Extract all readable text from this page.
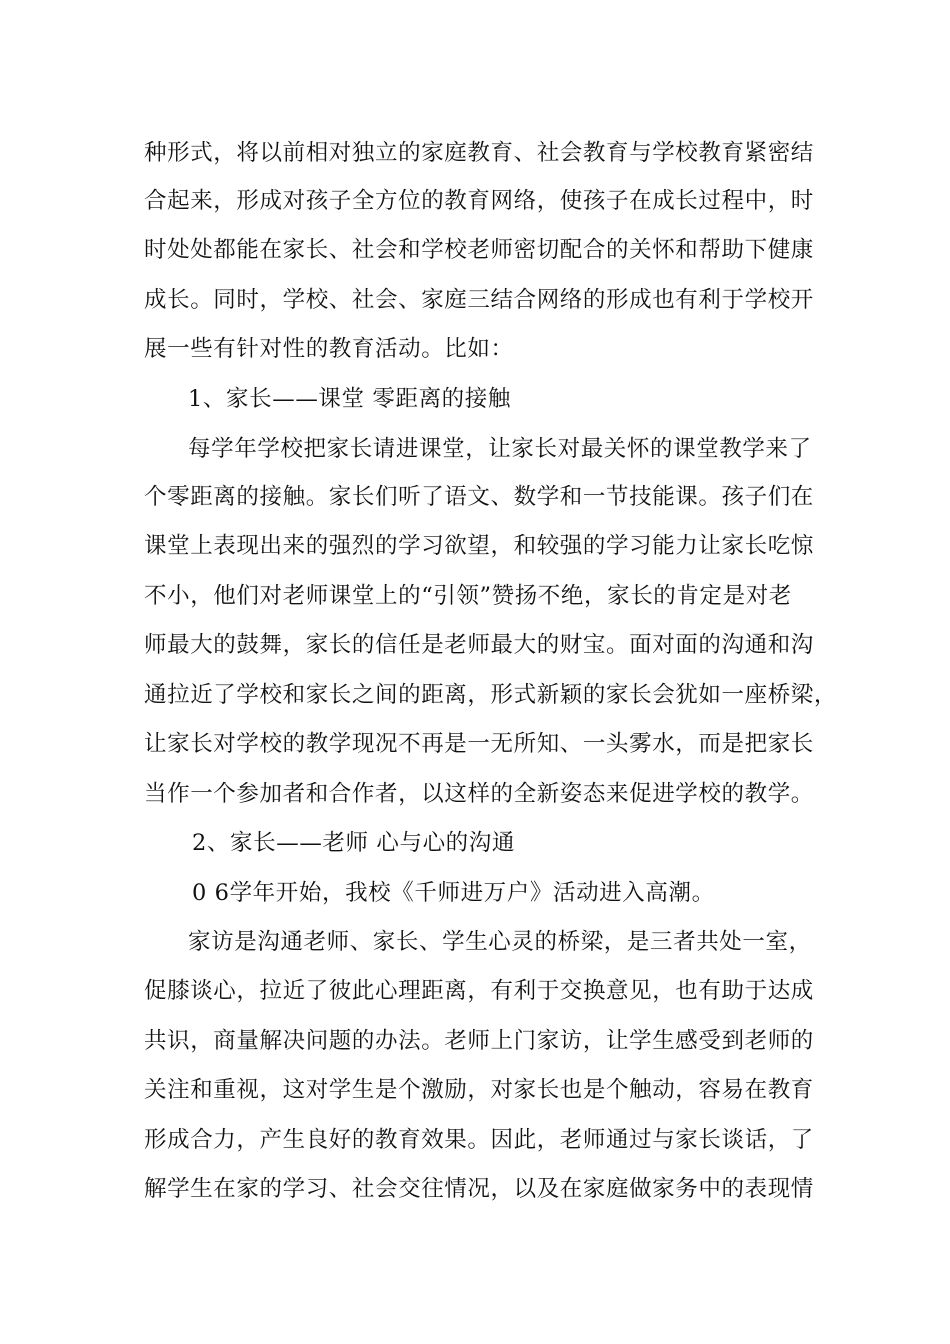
种形式，将以前相对独立的家庭教育、社会教育与学校教育紧密结
合起来，形成对孩子全方位的教育网络，使孩子在成长过程中，时
时处处都能在家长、社会和学校老师密切配合的关怀和帮助下健康
成长。同时，学校、社会、家庭三结合网络的形成也有利于学校开
展一些有针对性的教育活动。比如：
1、家长——课堂 零距离的接触
每学年学校把家长请进课堂，让家长对最关怀的课堂教学来了
个零距离的接触。家长们听了语文、数学和一节技能课。孩子们在
课堂上表现出来的强烈的学习欲望，和较强的学习能力让家长吃惊
不小，他们对老师课堂上的“引领”赞扬不绝，家长的肯定是对老
师最大的鼓舞，家长的信任是老师最大的财宝。面对面的沟通和沟
通拉近了学校和家长之间的距离，形式新颖的家长会犹如一座桥梁，
让家长对学校的教学现况不再是一无所知、一头雾水，而是把家长
当作一个参加者和合作者，以这样的全新姿态来促进学校的教学。
2、家长——老师 心与心的沟通
0 6学年开始，我校《千师进万户》活动进入高潮。
家访是沟通老师、家长、学生心灵的桥梁，是三者共处一室，
促膝谈心，拉近了彼此心理距离，有利于交换意见，也有助于达成
共识，商量解决问题的办法。老师上门家访，让学生感受到老师的
关注和重视，这对学生是个激励，对家长也是个触动，容易在教育
形成合力，产生良好的教育效果。因此，老师通过与家长谈话，了
解学生在家的学习、社会交往情况，以及在家庭做家务中的表现情
